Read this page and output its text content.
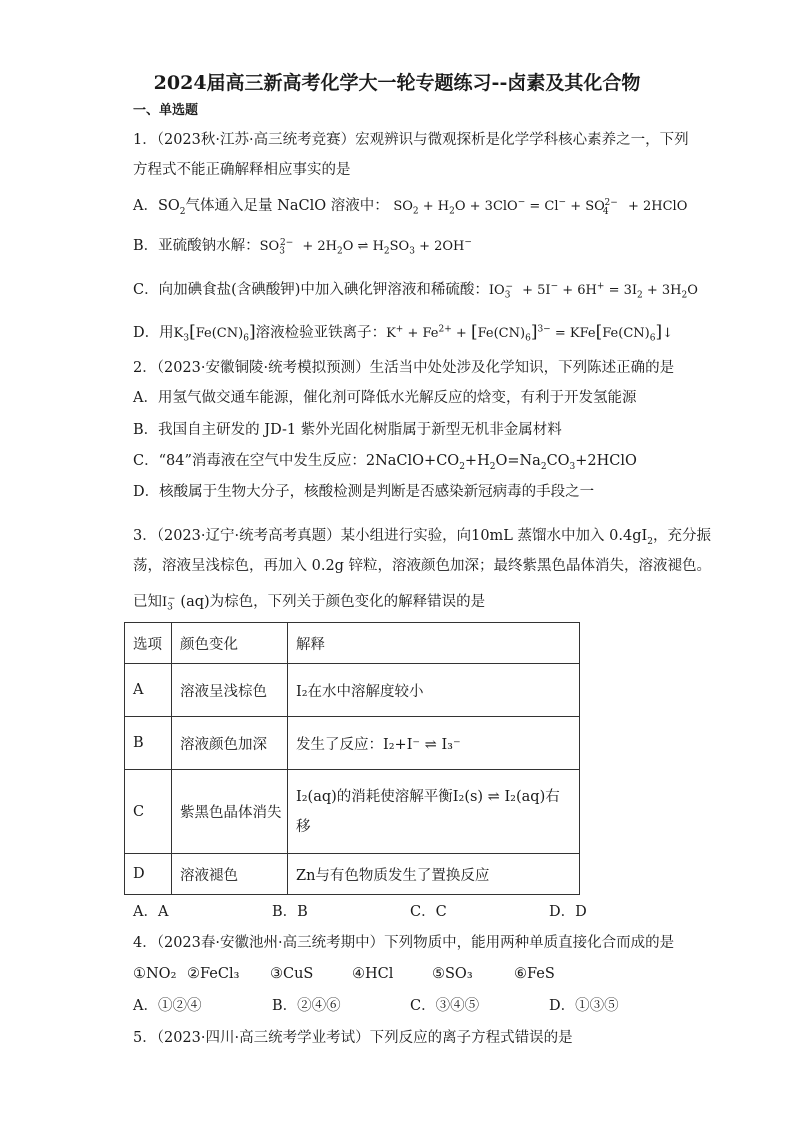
2024届高三新高考化学大一轮专题练习--卤素及其化合物
一、单选题
1．（2023秋·江苏·高三统考竞赛）宏观辨识与微观探析是化学学科核心素养之一，下列
方程式不能正确解释相应事实的是
A．$SO_2$气体通入足量 NaClO 溶液中： $SO_2 + H_2O + 3ClO^- = Cl^- + SO_4^{2-}$ + 2HClO
B．亚硫酸钠水解：$SO_3^{2-} + 2H_2O$ ⇌ $H_2SO_3 + 2OH^-$
C．向加碘食盐(含碘酸钾)中加入碘化钾溶液和稀硫酸：$IO_3^- + 5I^- + 6H^+ = 3I_2 + 3H_2O$
D．用$K_3[Fe(CN)_6]$溶液检验亚铁离子：$K^+ + Fe^{2+} + [Fe(CN)_6]^{3-}$ = $KFe[Fe(CN)_6]↓$
2．（2023·安徽铜陵·统考模拟预测）生活当中处处涉及化学知识，下列陈述正确的是
A．用氢气做交通车能源，催化剂可降低水光解反应的焓变，有利于开发氢能源
B．我国自主研发的 JD-1 紫外光固化树脂属于新型无机非金属材料
C．“84”消毒液在空气中发生反应：$2NaClO+CO_2+H_2O=Na_2CO_3+2HClO$
D．核酸属于生物大分子，核酸检测是判断是否感染新冠病毒的手段之一
3．（2023·辽宁·统考高考真题）某小组进行实验，向10mL 蒸馏水中加入 $0.4gI_2$，充分振
荡，溶液呈浅棕色，再加入 0.2g 锌粒，溶液颜色加深；最终紫黑色晶体消失，溶液褪色。
已知$I_3^-$ (aq)为棕色，下列关于颜色变化的解释错误的是
选项	颜色变化	解释
A	溶液呈浅棕色	I₂在水中溶解度较小
B	溶液颜色加深	发生了反应：I₂+I⁻ ⇌ I₃⁻
C	紫黑色晶体消失	I₂(aq)的消耗使溶解平衡I₂(s) ⇌ I₂(aq)右
移

D	溶液褪色	Zn与有色物质发生了置换反应
A．A	B．B	C．C	D．D
4．（2023春·安徽池州·高三统考期中）下列物质中，能用两种单质直接化合而成的是
①NO₂ ②FeCl₃ ③CuS	④HCl	⑤SO₃	⑥FeS
A．①②④	B．②④⑥	C．③④⑤	D．①③⑤
5．（2023·四川·高三统考学业考试）下列反应的离子方程式错误的是
